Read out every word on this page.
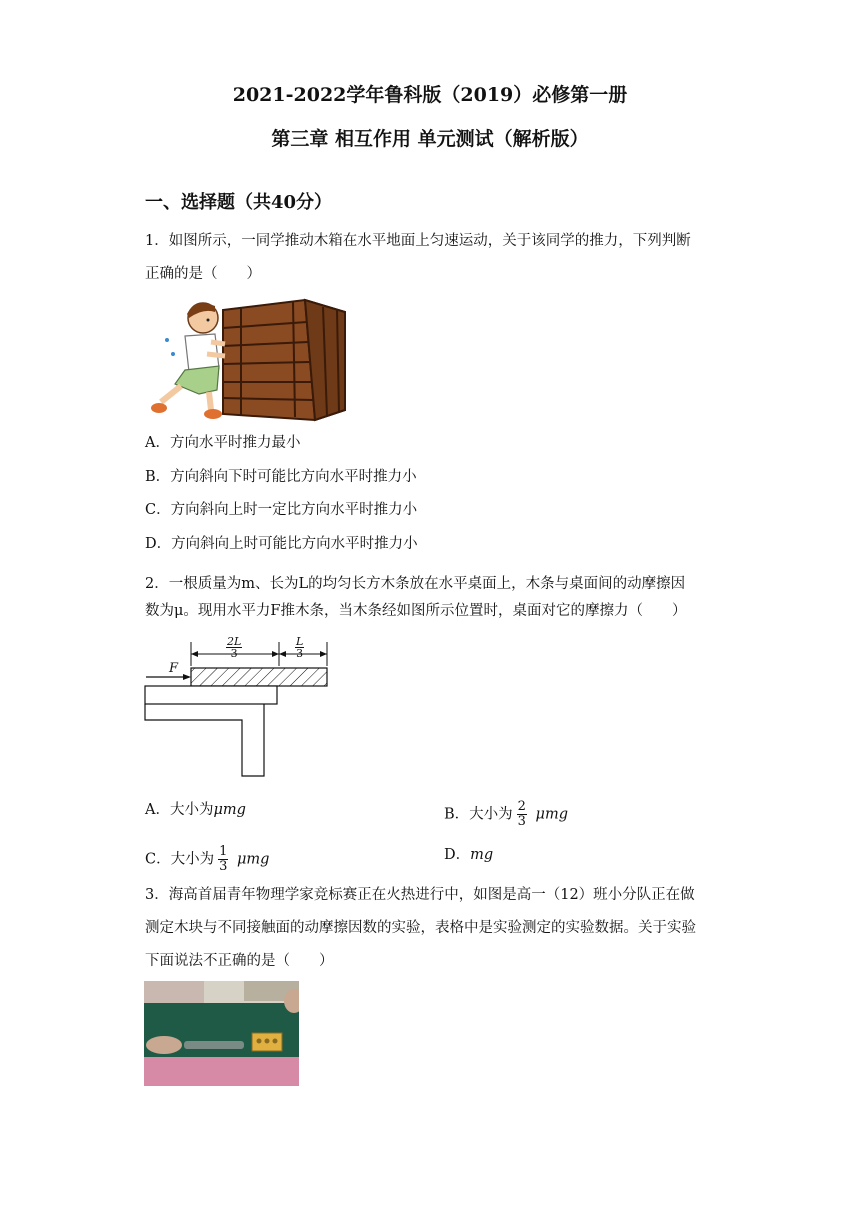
2021-2022学年鲁科版（2019）必修第一册
第三章 相互作用 单元测试（解析版）
一、选择题（共40分）
1．如图所示，一同学推动木箱在水平地面上匀速运动，关于该同学的推力，下列判断
正确的是（　　）
A．方向水平时推力最小
B．方向斜向下时可能比方向水平时推力小
C．方向斜向上时一定比方向水平时推力小
D．方向斜向上时可能比方向水平时推力小
2．一根质量为m、长为L的均匀长方木条放在水平桌面上，木条与桌面间的动摩擦因
数为μ。现用水平力F推木条，当木条经如图所示位置时，桌面对它的摩擦力（　　）
F
$\frac{2L}{3}$	$\frac{L}{3}$
A．大小为μmg	B．大小为 $\frac{2}{3}$ μmg
C．大小为 $\frac{1}{3}$ μmg	D．mg
3．海高首届青年物理学家竞标赛正在火热进行中，如图是高一（12）班小分队正在做
测定木块与不同接触面的动摩擦因数的实验，表格中是实验测定的实验数据。关于实验
下面说法不正确的是（　　）
